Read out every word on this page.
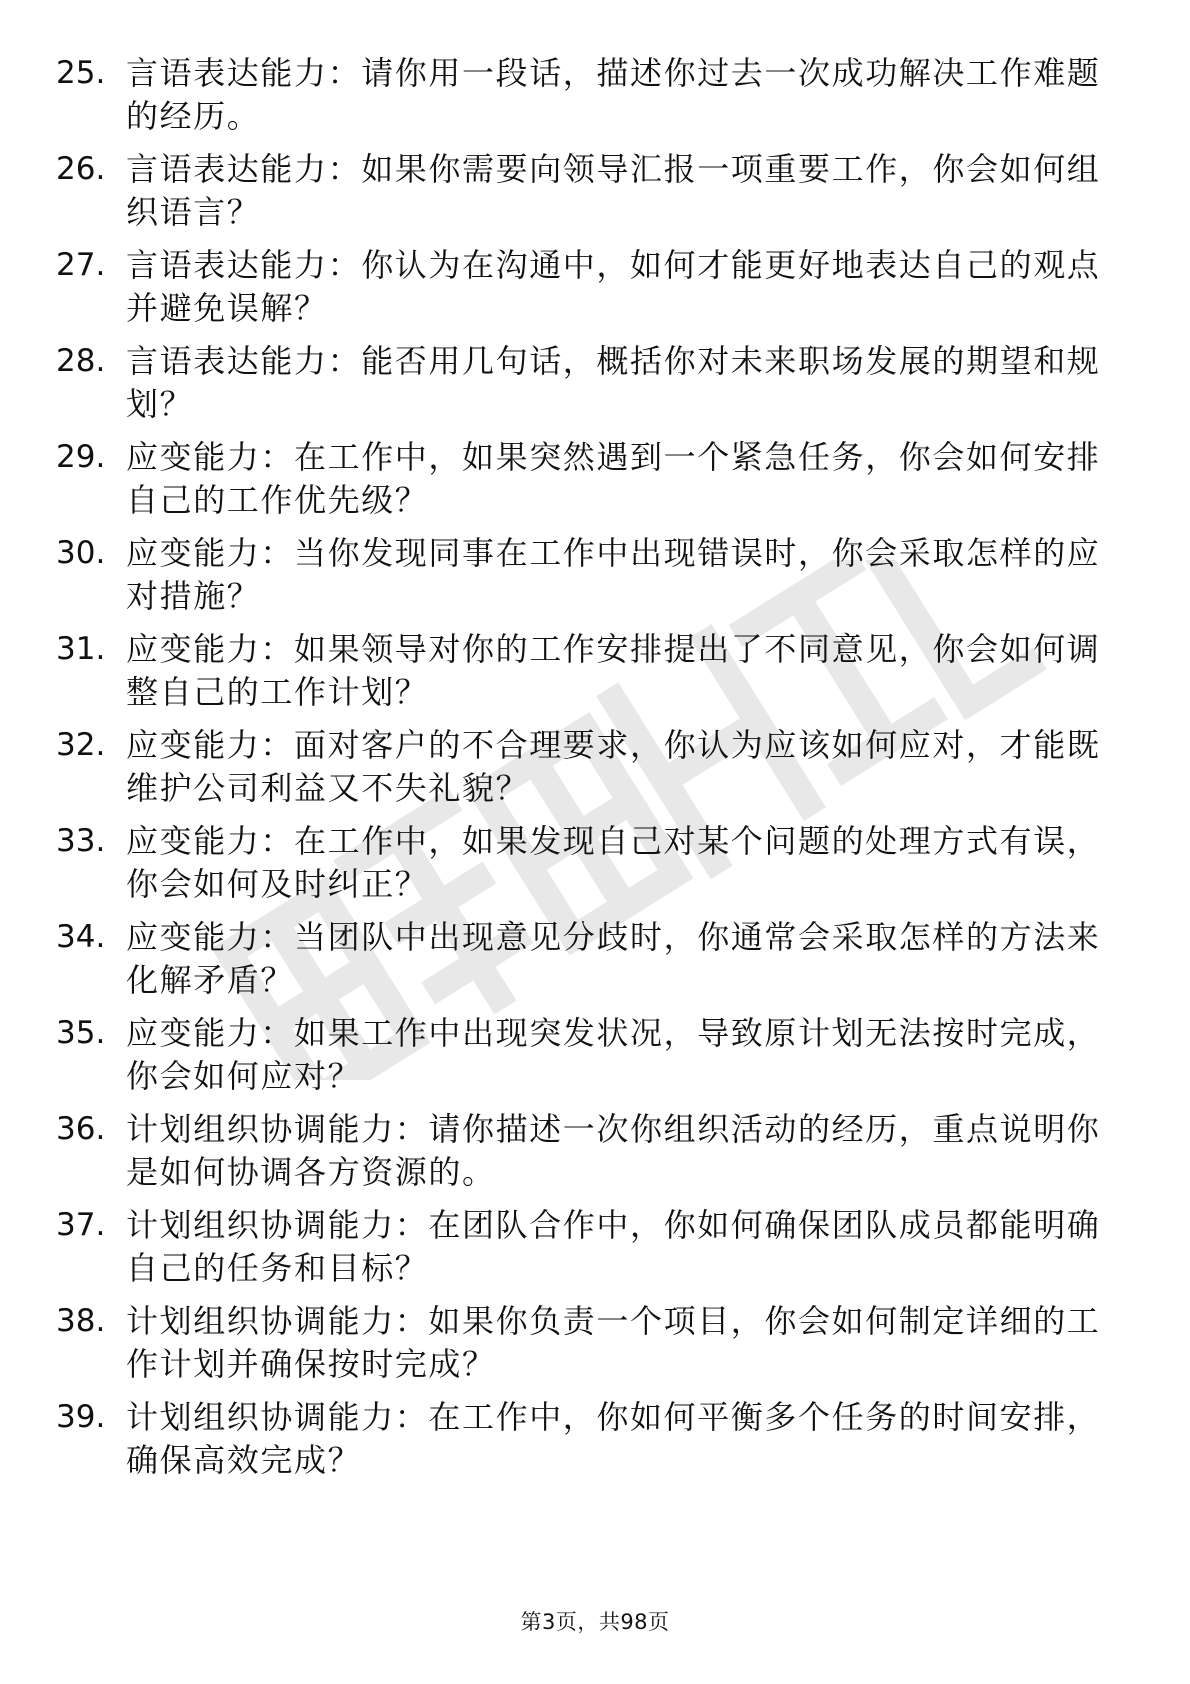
25. 言语表达能力：请你用一段话，描述你过去一次成功解决工作难题的经历。

26. 言语表达能力：如果你需要向领导汇报一项重要工作，你会如何组织语言？

27. 言语表达能力：你认为在沟通中，如何才能更好地表达自己的观点并避免误解？

28. 言语表达能力：能否用几句话，概括你对未来职场发展的期望和规划？

29. 应变能力：在工作中，如果突然遇到一个紧急任务，你会如何安排自己的工作优先级？

30. 应变能力：当你发现同事在工作中出现错误时，你会采取怎样的应对措施？

31. 应变能力：如果领导对你的工作安排提出了不同意见，你会如何调整自己的工作计划？

32. 应变能力：面对客户的不合理要求，你认为应该如何应对，才能既维护公司利益又不失礼貌？

33. 应变能力：在工作中，如果发现自己对某个问题的处理方式有误，你会如何及时纠正？

34. 应变能力：当团队中出现意见分歧时，你通常会采取怎样的方法来化解矛盾？

35. 应变能力：如果工作中出现突发状况，导致原计划无法按时完成，你会如何应对？

36. 计划组织协调能力：请你描述一次你组织活动的经历，重点说明你是如何协调各方资源的。

37. 计划组织协调能力：在团队合作中，你如何确保团队成员都能明确自己的任务和目标？

38. 计划组织协调能力：如果你负责一个项目，你会如何制定详细的工作计划并确保按时完成？

39. 计划组织协调能力：在工作中，你如何平衡多个任务的时间安排，确保高效完成？

第3页，共98页
